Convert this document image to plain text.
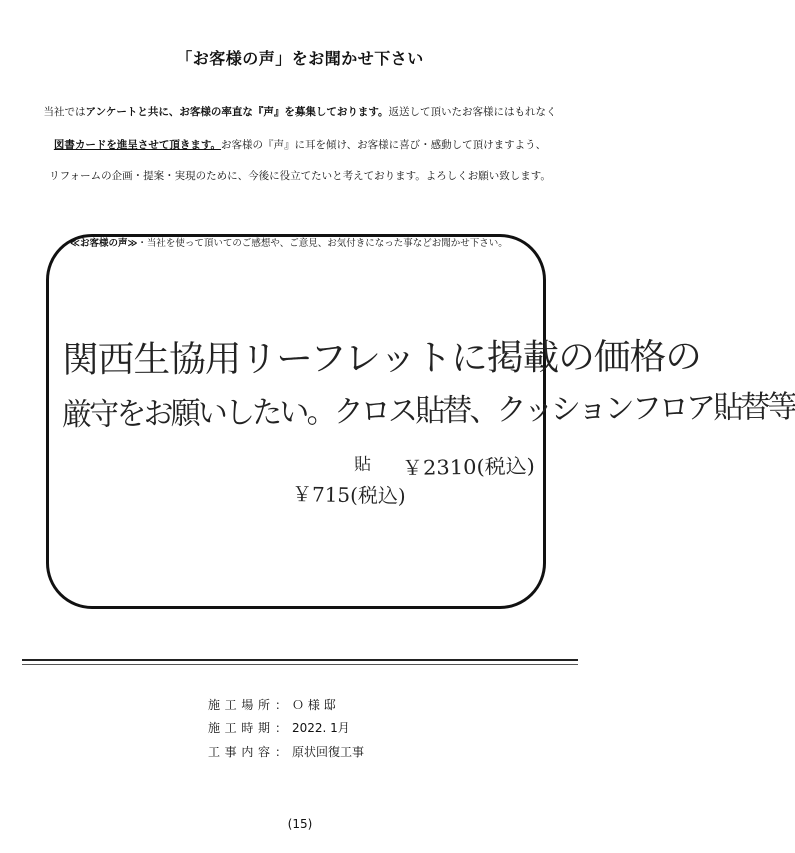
「お客様の声」をお聞かせ下さい
当社ではアンケートと共に、お客様の率直な『声』を募集しております。返送して頂いたお客様にはもれなく
図書カードを進呈させて頂きます。お客様の『声』に耳を傾け、お客様に喜び・感動して頂けますよう、
リフォームの企画・提案・実現のために、今後に役立てたいと考えております。よろしくお願い致します。
≪お客様の声≫・当社を使って頂いてのご感想や、ご意見、お気付きになった事などお聞かせ下さい。
関西生協用リーフレットに掲載の価格の
厳守をお願いしたい。クロス貼替、クッションフロア貼替等
貼 ￥2310(税込)
￥715(税込)
施工場所 ： Ｏ 様 邸
施工時期 ： 2022. 1月
工事内容 ： 原状回復工事
(15)
